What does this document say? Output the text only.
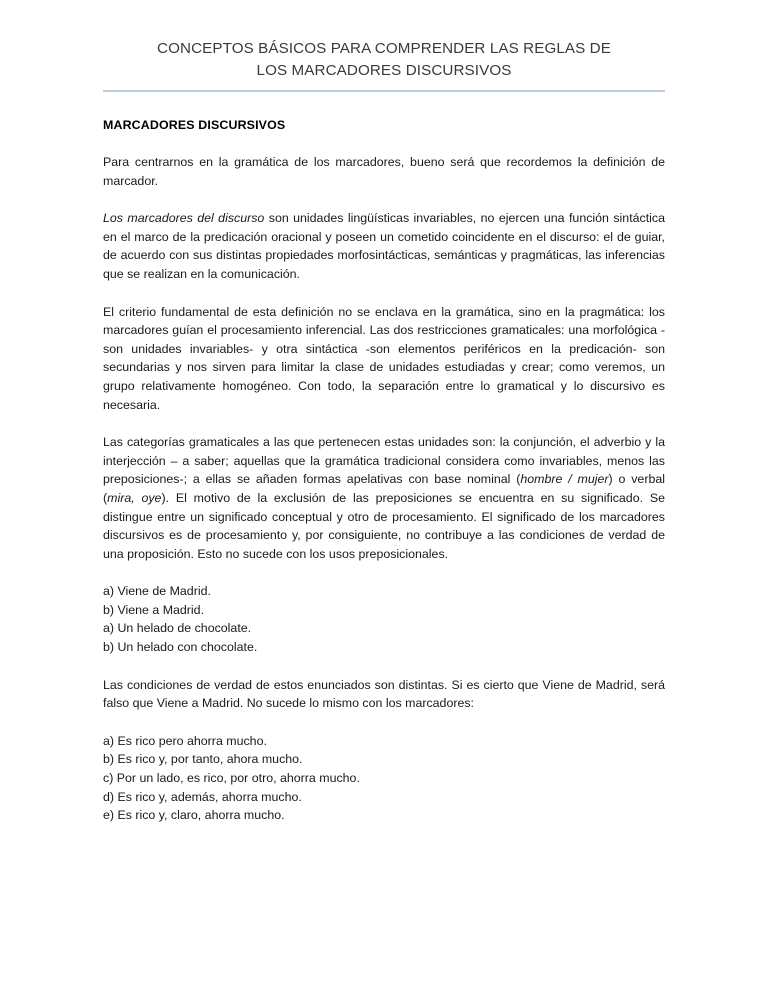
CONCEPTOS BÁSICOS PARA COMPRENDER LAS REGLAS DE
LOS MARCADORES DISCURSIVOS
MARCADORES DISCURSIVOS

Para centrarnos en la gramática de los marcadores, bueno será que recordemos la definición de marcador.

Los marcadores del discurso son unidades lingüísticas invariables, no ejercen una función sintáctica en el marco de la predicación oracional y poseen un cometido coincidente en el discurso: el de guiar, de acuerdo con sus distintas propiedades morfosintácticas, semánticas y pragmáticas, las inferencias que se realizan en la comunicación.

El criterio fundamental de esta definición no se enclava en la gramática, sino en la pragmática: los marcadores guían el procesamiento inferencial. Las dos restricciones gramaticales: una morfológica -son unidades invariables- y otra sintáctica -son elementos periféricos en la predicación- son secundarias y nos sirven para limitar la clase de unidades estudiadas y crear; como veremos, un grupo relativamente homogéneo. Con todo, la separación entre lo gramatical y lo discursivo es necesaria.

Las categorías gramaticales a las que pertenecen estas unidades son: la conjunción, el adverbio y la interjección – a saber; aquellas que la gramática tradicional considera como invariables, menos las preposiciones-; a ellas se añaden formas apelativas con base nominal (hombre / mujer) o verbal (mira, oye). El motivo de la exclusión de las preposiciones se encuentra en su significado. Se distingue entre un significado conceptual y otro de procesamiento. El significado de los marcadores discursivos es de procesamiento y, por consiguiente, no contribuye a las condiciones de verdad de una proposición. Esto no sucede con los usos preposicionales.

a) Viene de Madrid.
b) Viene a Madrid.
a) Un helado de chocolate.
b) Un helado con chocolate.

Las condiciones de verdad de estos enunciados son distintas. Si es cierto que Viene de Madrid, será falso que Viene a Madrid. No sucede lo mismo con los marcadores:

a) Es rico pero ahorra mucho.
b) Es rico y, por tanto, ahora mucho.
c) Por un lado, es rico, por otro, ahorra mucho.
d) Es rico y, además, ahorra mucho.
e) Es rico y, claro, ahorra mucho.
